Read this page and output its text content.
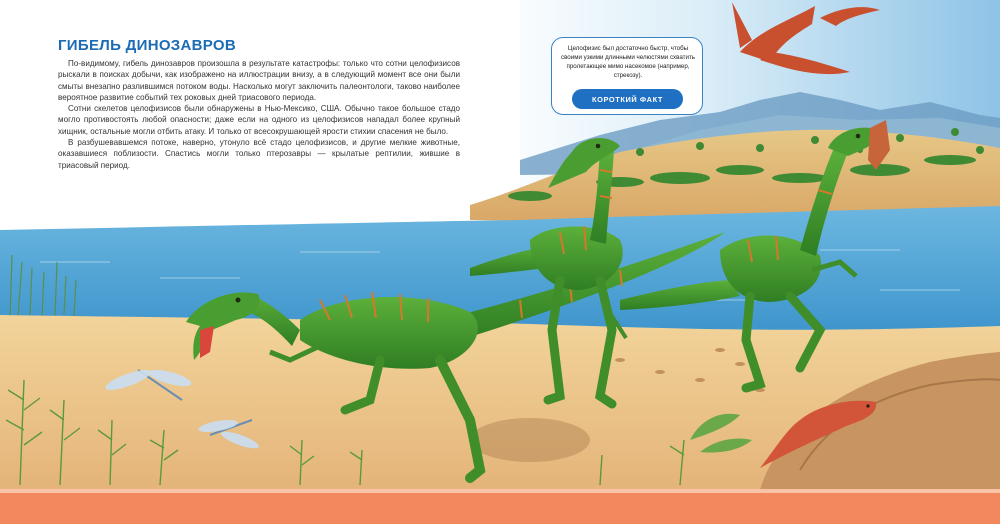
ГИБЕЛЬ ДИНОЗАВРОВ

По-видимому, гибель динозавров произошла в результате катастрофы: только что сотни целофизисов рыскали в поисках добычи, как изображено на иллюстрации внизу, а в следующий момент все они были смыты внезапно разлившимся потоком воды. Насколько могут заключить палеонтологи, таково наиболее вероятное развитие событий тех роковых дней триасового периода.

Сотни скелетов целофизисов были обнаружены в Нью-Мексико, США. Обычно такое большое стадо могло противостоять любой опасности; даже если на одного из целофизисов нападал более крупный хищник, остальные могли отбить атаку. И только от всесокрушающей ярости стихии спасения не было.

В разбушевавшемся потоке, наверно, утонуло всё стадо целофизисов, и другие мелкие животные, оказавшиеся поблизости. Спастись могли только птерозавры — крылатые рептилии, жившие в триасовый период.

Целофизис был достаточно быстр, чтобы своими узкими длинными челюстями схватить пролетающее мимо насекомое (например, стрекозу).
КОРОТКИЙ ФАКТ
